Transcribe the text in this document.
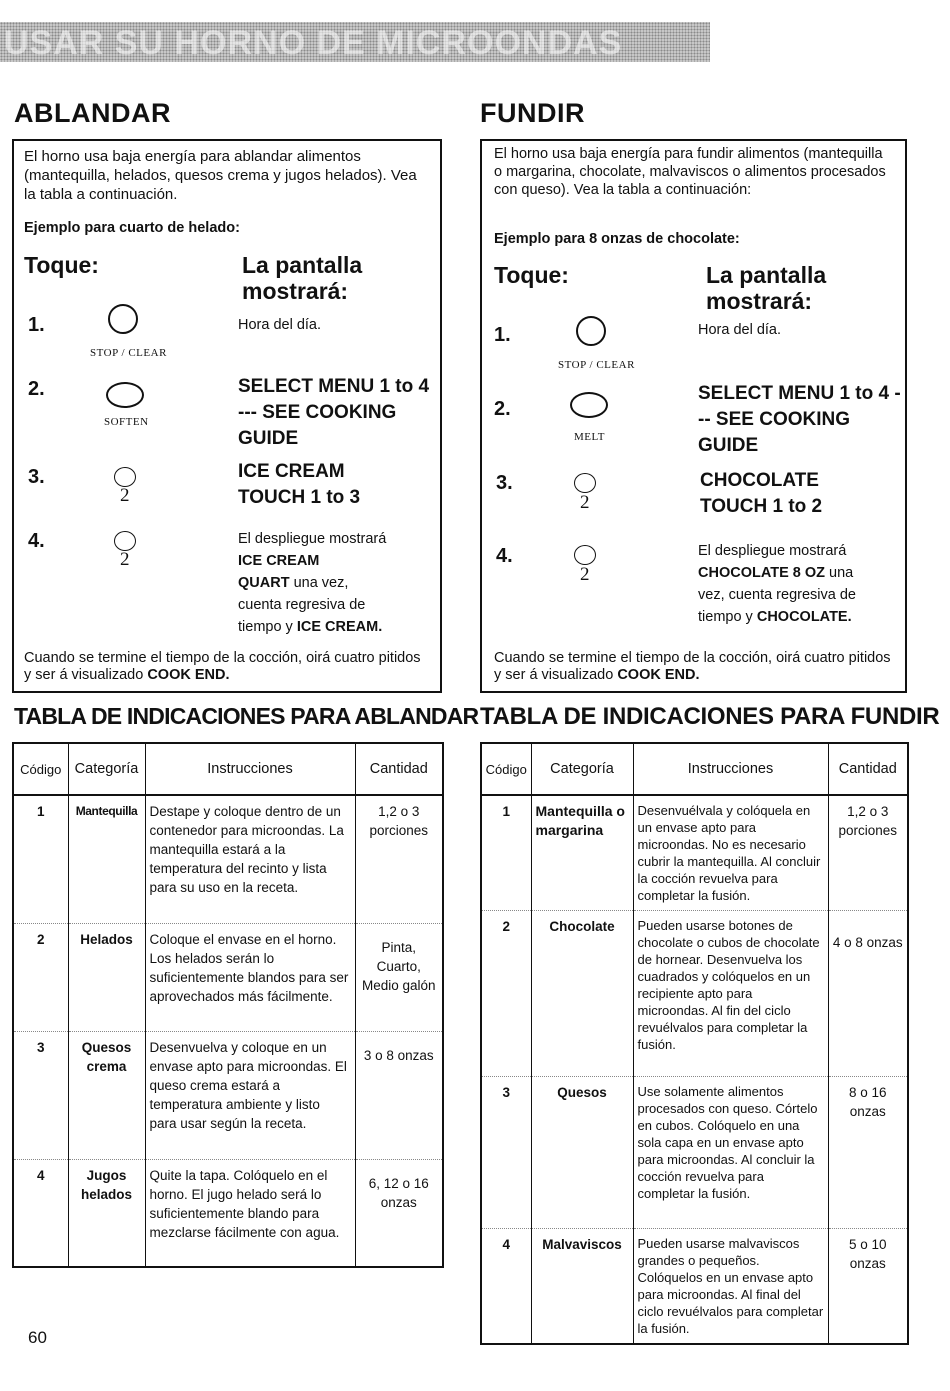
USAR SU HORNO DE MICROONDAS
ABLANDAR
El horno usa baja energía para ablandar alimentos (mantequilla, helados, quesos crema y jugos helados). Vea la tabla a continuación.
Ejemplo para cuarto de helado:
Toque:	La pantalla mostrará:
1.
STOP / CLEAR
Hora del día.
2.
SOFTEN
SELECT MENU 1 to 4 --- SEE COOKING GUIDE
3.
2
ICE CREAM TOUCH 1 to 3
4.
2
El despliegue mostrará
ICE CREAM
QUART una vez,
cuenta regresiva de
tiempo y ICE CREAM.
Cuando se termine el tiempo de la cocción, oirá cuatro pitidos y ser á visualizado COOK END.
FUNDIR
El horno usa baja energía para fundir alimentos (mantequilla o margarina, chocolate, malvaviscos o alimentos procesados con queso). Vea la tabla a continuación:
Ejemplo para 8 onzas de chocolate:
Toque:	La pantalla mostrará:
1.
STOP / CLEAR
Hora del día.
2.
MELT
SELECT MENU 1 to 4 --- SEE COOKING GUIDE
3.
2
CHOCOLATE TOUCH 1 to 2
4.
2
El despliegue mostrará
CHOCOLATE 8 OZ una
vez, cuenta regresiva de
tiempo y CHOCOLATE.
Cuando se termine el tiempo de la cocción, oirá cuatro pitidos y ser á visualizado COOK END.
TABLA DE INDICACIONES PARA ABLANDAR TABLA DE INDICACIONES PARA FUNDIR
Código	Categoría	Instrucciones	Cantidad
1	Mantequilla	Destape y coloque dentro de un contenedor para microondas. La mantequilla estará a la temperatura del recinto y lista para su uso en la receta.	1,2 o 3 porciones
2	Helados	Coloque el envase en el horno. Los helados serán lo suficientemente blandos para ser aprovechados más fácilmente.	Pinta, Cuarto, Medio galón
3	Quesos crema	Desenvuelva y coloque en un envase apto para microondas. El queso crema estará a temperatura ambiente y listo para usar según la receta.	3 o 8 onzas
4	Jugos helados	Quite la tapa. Colóquelo en el horno. El jugo helado será lo suficientemente blando para mezclarse fácilmente con agua.	6, 12 o 16 onzas
Código	Categoría	Instrucciones	Cantidad
1	Mantequilla o margarina	Desenvuélvala y colóquela en un envase apto para microondas. No es necesario cubrir la mantequilla. Al concluir la cocción revuelva para completar la fusión.	1,2 o 3 porciones
2	Chocolate	Pueden usarse botones de chocolate o cubos de chocolate de hornear. Desenvuelva los cuadrados y colóquelos en un recipiente apto para microondas. Al fin del ciclo revuélvalos para completar la fusión.	4 o 8 onzas
3	Quesos	Use solamente alimentos procesados con queso. Córtelo en cubos. Colóquelo en una sola capa en un envase apto para microondas. Al concluir la cocción revuelva para completar la fusión.	8 o 16 onzas
4	Malvaviscos	Pueden usarse malvaviscos grandes o pequeños. Colóquelos en un envase apto para microondas. Al final del ciclo revuélvalos para completar la fusión.	5 o 10 onzas
60
